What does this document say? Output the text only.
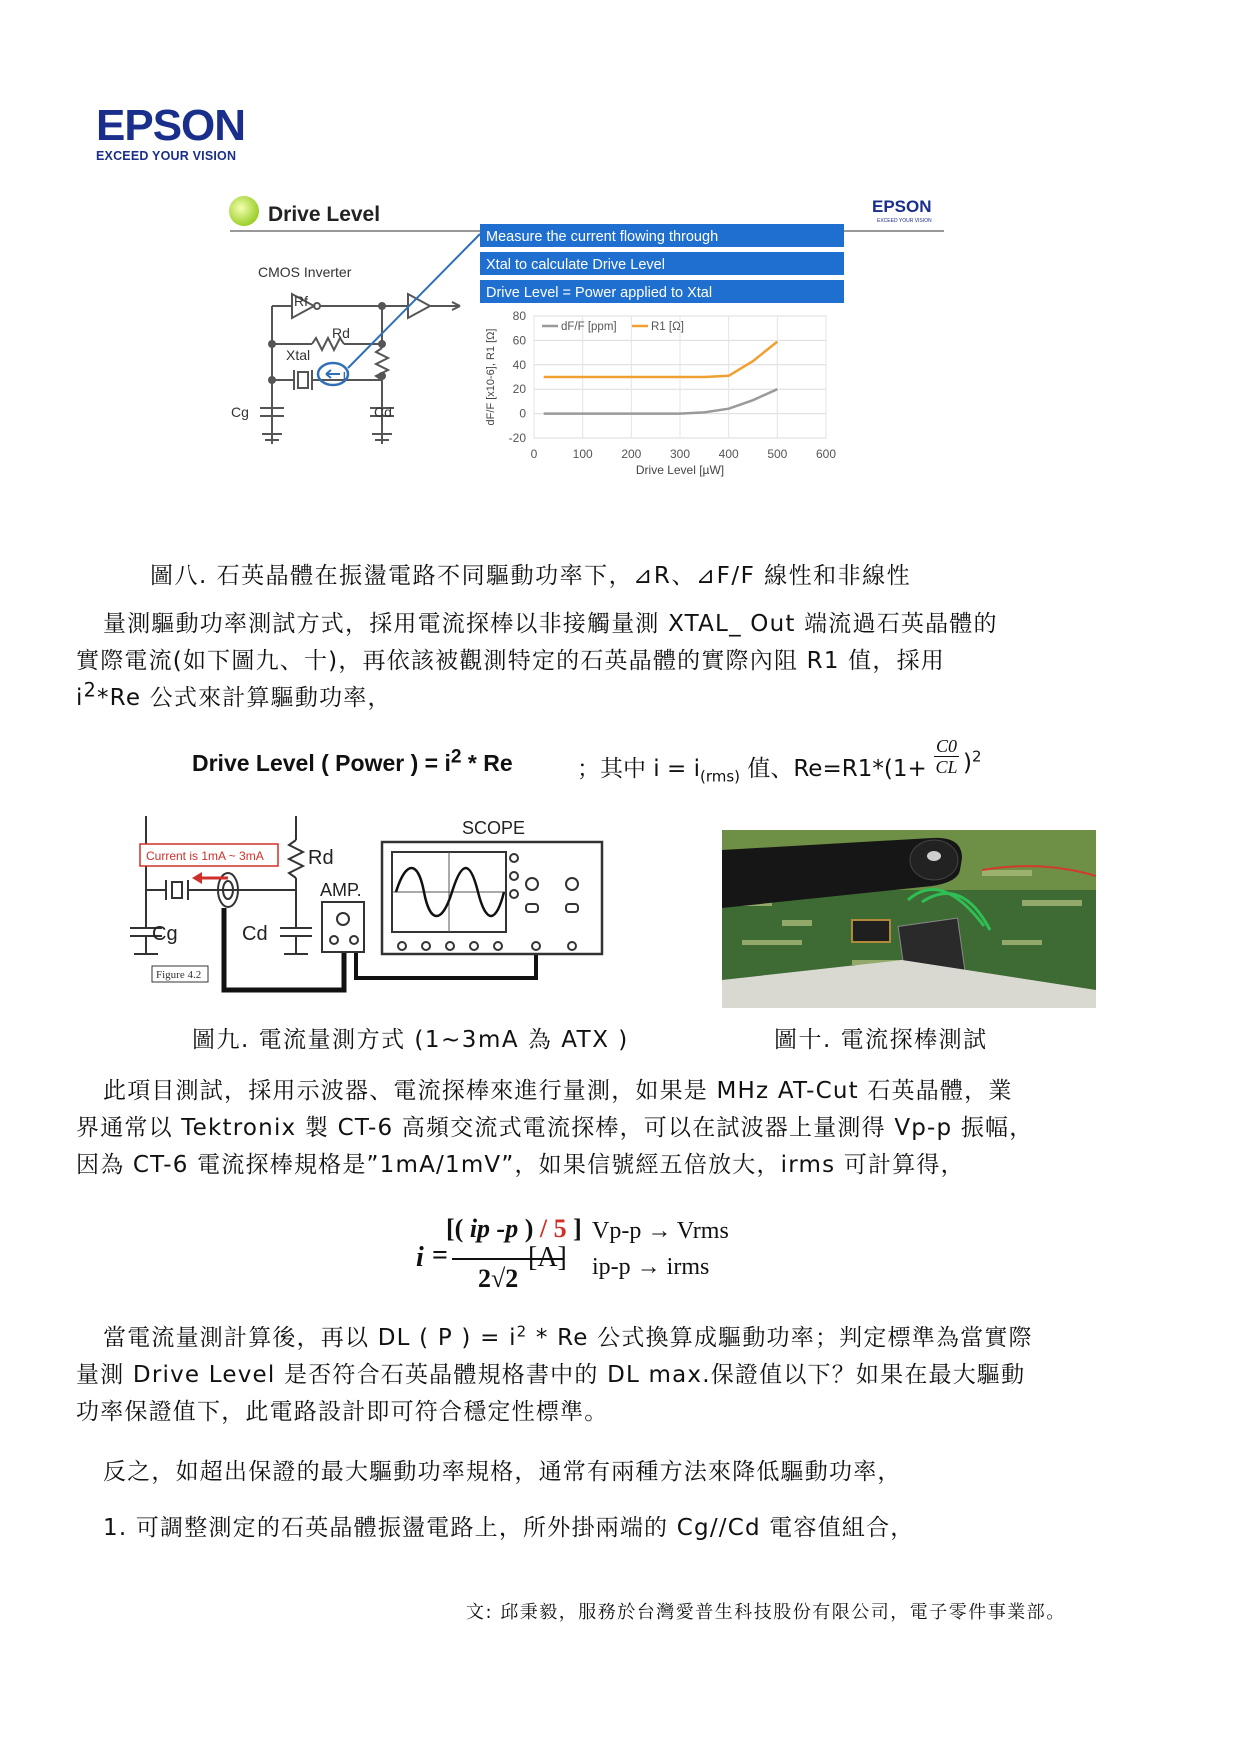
EPSON
EXCEED YOUR VISION
Drive Level	EPSON
EXCEED YOUR VISION
CMOS Inverter
Rf
Rd
Xtal
Cg	Cd
I
Measure the current flowing through
Xtal to calculate Drive Level
Drive Level = Power applied to Xtal
-20
0
20
40
60
80
0	100 200 300 400 500 600
Drive Level [µW]
dF/F [x10-6], R1 [Ω]
dF/F [ppm]	R1 [Ω]
圖八. 石英晶體在振盪電路不同驅動功率下，⊿R、⊿F/F 線性和非線性

量測驅動功率測試方式，採用電流探棒以非接觸量測 XTAL_ Out 端流過石英晶體的

實際電流(如下圖九、十)，再依該被觀測特定的石英晶體的實際內阻 R1 值，採用

$i^2*Re$ 公式來計算驅動功率，

Drive Level ( Power ) = $i^2$ * Re	；其中 $i = i_{(rms)}$ 值、Re=R1*(1+
C0
CL )$^2$
Current is 1mA ~ 3mA Rd
Cg	Cd
Figure 4.2
AMP.
SCOPE
圖九. 電流量測方式 (1~3mA 為 ATX )	圖十. 電流探棒測試

此項目測試，採用示波器、電流探棒來進行量測，如果是 MHz AT-Cut 石英晶體，業

界通常以 Tektronix 製 CT-6 高頻交流式電流探棒，可以在試波器上量測得 Vp-p 振幅，

因為 CT-6 電流探棒規格是”1mA/1mV”，如果信號經五倍放大，irms 可計算得，

i =
[( ip -p ) / 5 ]
2√2
[A]
Vp-p → Vrms
ip-p → irms

當電流量測計算後，再以 DL ( P ) = $i^2$ * Re 公式換算成驅動功率；判定標準為當實際

量測 Drive Level 是否符合石英晶體規格書中的 DL max.保證值以下？如果在最大驅動

功率保證值下，此電路設計即可符合穩定性標準。

反之，如超出保證的最大驅動功率規格，通常有兩種方法來降低驅動功率，
1. 可調整測定的石英晶體振盪電路上，所外掛兩端的 Cg//Cd 電容值組合，
文: 邱秉毅，服務於台灣愛普生科技股份有限公司，電子零件事業部。
